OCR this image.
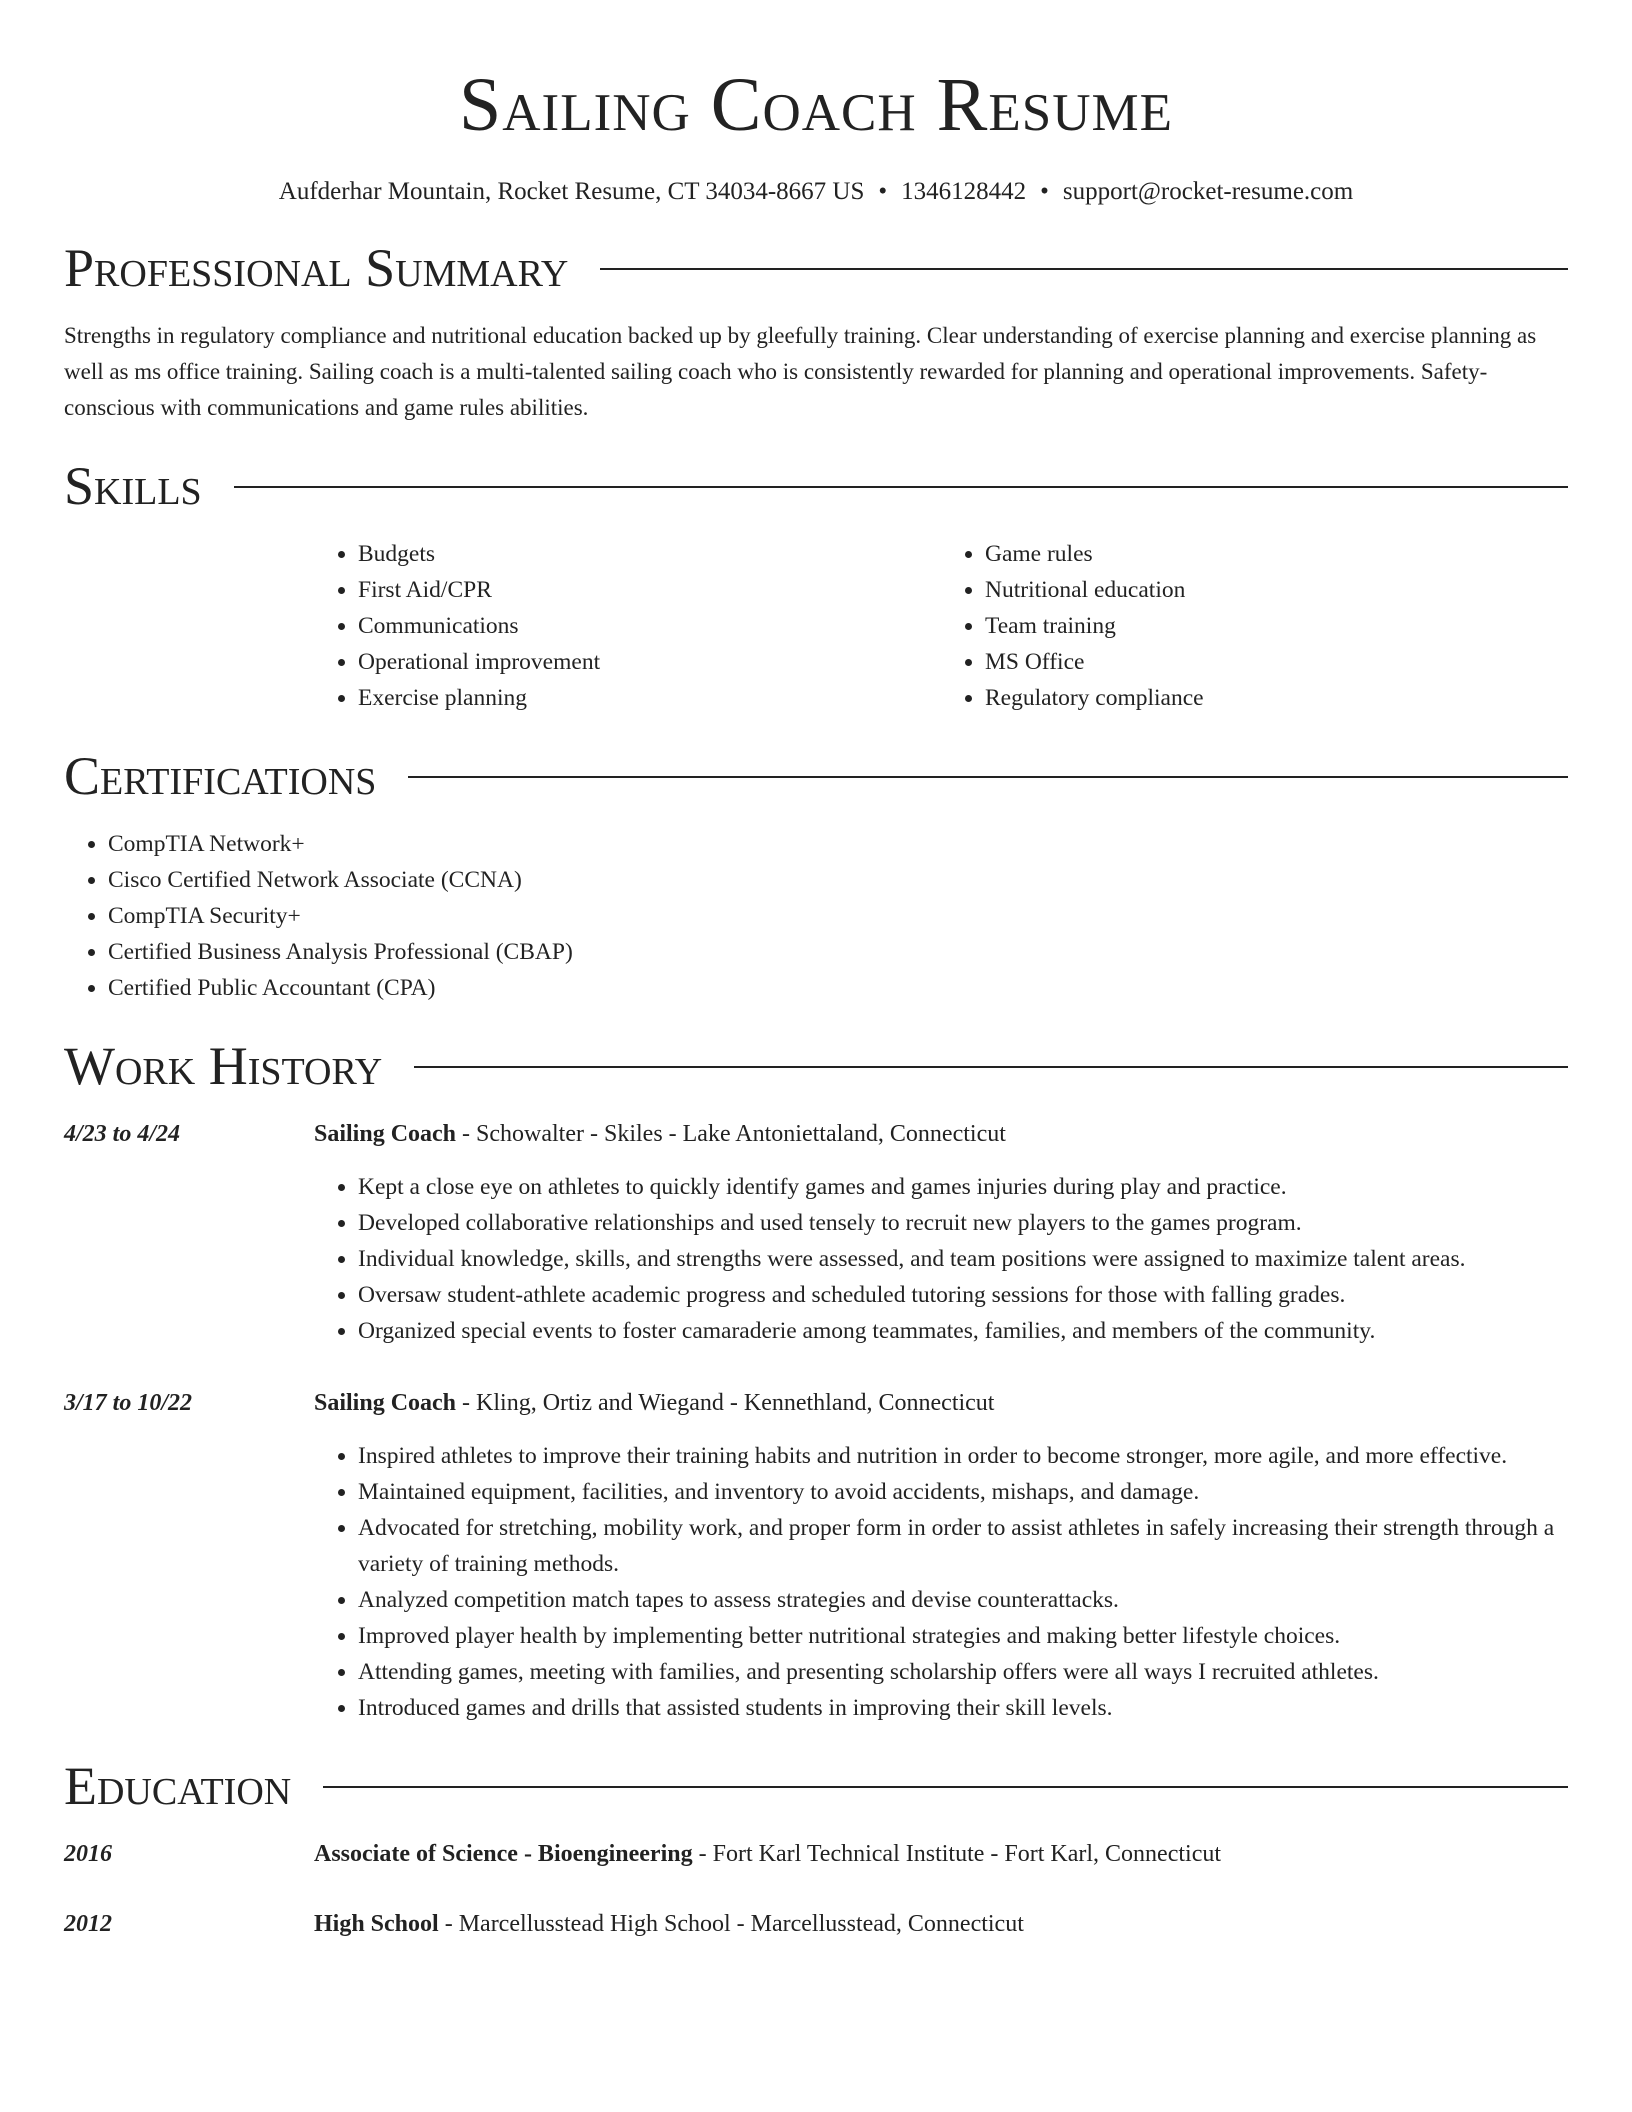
Sailing Coach Resume
Aufderhar Mountain, Rocket Resume, CT 34034-8667 US • 1346128442 • support@rocket-resume.com
Professional Summary

Strengths in regulatory compliance and nutritional education backed up by gleefully training. Clear understanding of exercise planning and exercise planning as well as ms office training. Sailing coach is a multi-talented sailing coach who is consistently rewarded for planning and operational improvements. Safety-conscious with communications and game rules abilities.

Skills
• Budgets
• First Aid/CPR
• Communications
• Operational improvement
• Exercise planning
• Game rules
• Nutritional education
• Team training
• MS Office
• Regulatory compliance
Certifications
• CompTIA Network+
• Cisco Certified Network Associate (CCNA)
• CompTIA Security+
• Certified Business Analysis Professional (CBAP)
• Certified Public Accountant (CPA)
Work History
4/23 to 4/24	Sailing Coach - Schowalter - Skiles - Lake Antoniettaland, Connecticut
• Kept a close eye on athletes to quickly identify games and games injuries during play and practice.
• Developed collaborative relationships and used tensely to recruit new players to the games program.
• Individual knowledge, skills, and strengths were assessed, and team positions were assigned to maximize talent areas.
• Oversaw student-athlete academic progress and scheduled tutoring sessions for those with falling grades.
• Organized special events to foster camaraderie among teammates, families, and members of the community.
3/17 to 10/22	Sailing Coach - Kling, Ortiz and Wiegand - Kennethland, Connecticut
• Inspired athletes to improve their training habits and nutrition in order to become stronger, more agile, and more effective.
• Maintained equipment, facilities, and inventory to avoid accidents, mishaps, and damage.
• Advocated for stretching, mobility work, and proper form in order to assist athletes in safely increasing their strength through a variety of training methods.
• Analyzed competition match tapes to assess strategies and devise counterattacks.
• Improved player health by implementing better nutritional strategies and making better lifestyle choices.
• Attending games, meeting with families, and presenting scholarship offers were all ways I recruited athletes.
• Introduced games and drills that assisted students in improving their skill levels.
Education
2016	Associate of Science - Bioengineering - Fort Karl Technical Institute - Fort Karl, Connecticut
2012	High School - Marcellusstead High School - Marcellusstead, Connecticut
